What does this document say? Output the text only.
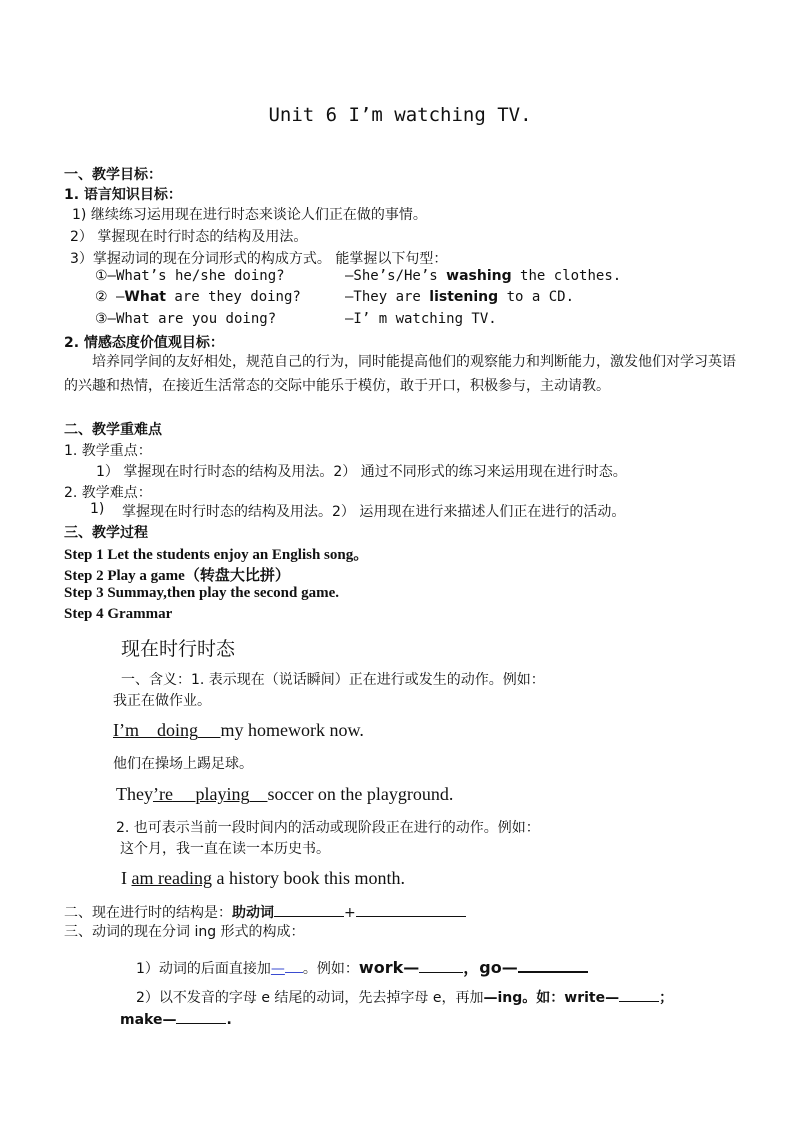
Unit 6 I’m watching TV.
一、教学目标：
1. 语言知识目标：
1) 继续练习运用现在进行时态来谈论人们正在做的事情。
2） 掌握现在时行时态的结构及用法。
3）掌握动词的现在分词形式的构成方式。 能掌握以下句型：
①—What’s he/she doing?	—She’s/He’s washing the clothes.
② —What are they doing?	—They are listening to a CD.
③—What are you doing?	—I’ m watching TV.
2. 情感态度价值观目标：
培养同学间的友好相处，规范自己的行为，同时能提高他们的观察能力和判断能力，激发他们对学习英语的兴趣和热情，在接近生活常态的交际中能乐于模仿，敢于开口，积极参与，主动请教。
二、教学重难点
1. 教学重点：
1） 掌握现在时行时态的结构及用法。2） 通过不同形式的练习来运用现在进行时态。
2. 教学难点：
1) 掌握现在时行时态的结构及用法。2） 运用现在进行来描述人们正在进行的活动。
三、教学过程
Step 1 Let the students enjoy an English song。
Step 2 Play a game（转盘大比拼）
Step 3 Summay,then play the second game.
Step 4 Grammar
现在时行时态
一、含义：1. 表示现在（说话瞬间）正在进行或发生的动作。例如：
我正在做作业。
I’m doing my homework now.
他们在操场上踢足球。
They’re playing soccer on the playground.
2. 也可表示当前一段时间内的活动或现阶段正在进行的动作。例如：
这个月，我一直在读一本历史书。
I am reading a history book this month.
二、现在进行时的结构是：助动词	+
三、动词的现在分词 ing 形式的构成：
1）动词的后面直接加— 。例如：work—	，go—
2）以不发音的字母 e 结尾的动词，先去掉字母 e，再加—ing。如：write—	；
make—	.
